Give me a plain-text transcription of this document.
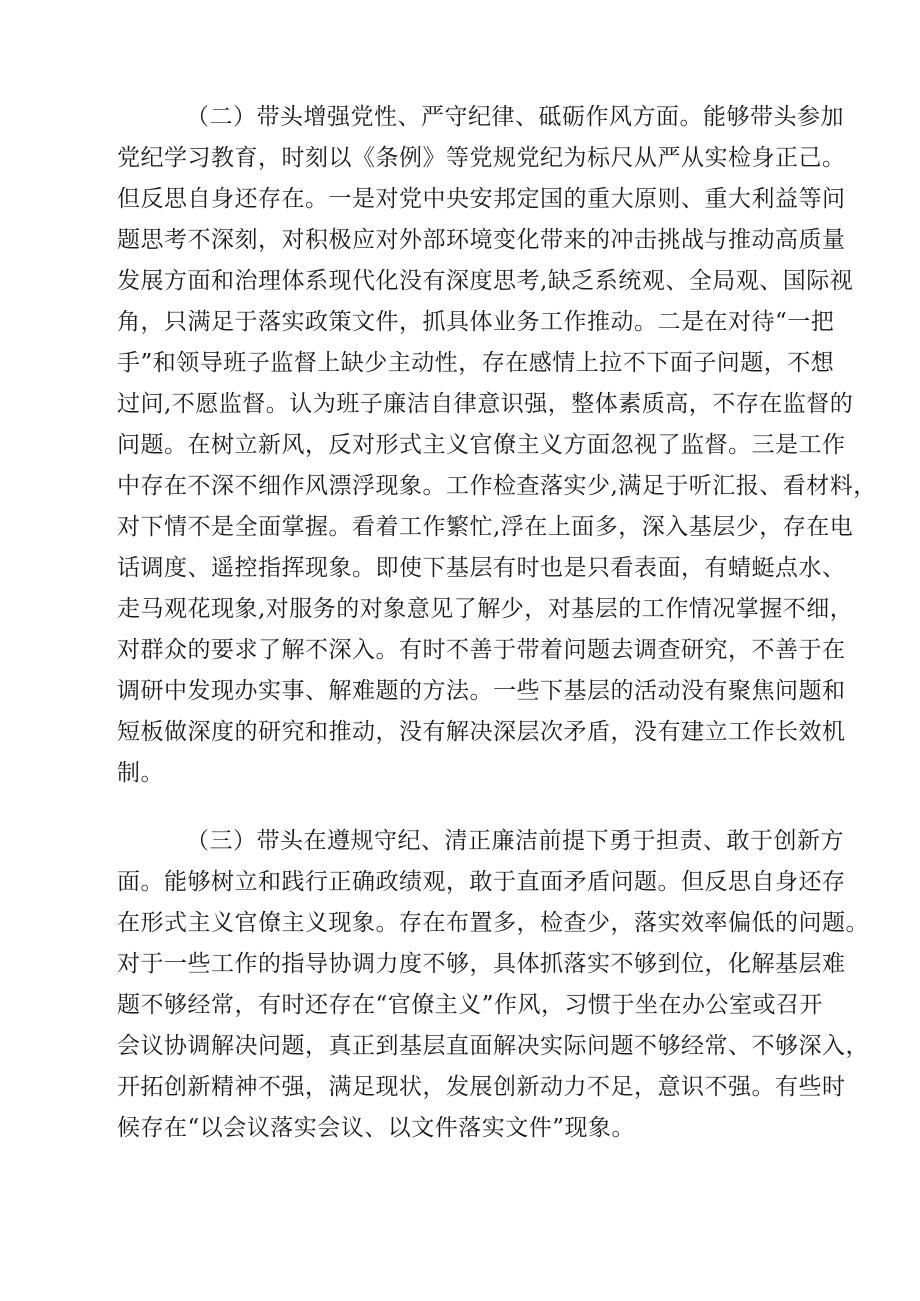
（二）带头增强党性、严守纪律、砥砺作风方面。能够带头参加
党纪学习教育，时刻以《条例》等党规党纪为标尺从严从实检身正己。
但反思自身还存在。一是对党中央安邦定国的重大原则、重大利益等问
题思考不深刻，对积极应对外部环境变化带来的冲击挑战与推动高质量
发展方面和治理体系现代化没有深度思考,缺乏系统观、全局观、国际视
角，只满足于落实政策文件，抓具体业务工作推动。二是在对待“一把
手”和领导班子监督上缺少主动性，存在感情上拉不下面子问题，不想
过问,不愿监督。认为班子廉洁自律意识强，整体素质高，不存在监督的
问题。在树立新风，反对形式主义官僚主义方面忽视了监督。三是工作
中存在不深不细作风漂浮现象。工作检查落实少,满足于听汇报、看材料，
对下情不是全面掌握。看着工作繁忙,浮在上面多，深入基层少，存在电
话调度、遥控指挥现象。即使下基层有时也是只看表面，有蜻蜓点水、
走马观花现象,对服务的对象意见了解少，对基层的工作情况掌握不细，
对群众的要求了解不深入。有时不善于带着问题去调查研究，不善于在
调研中发现办实事、解难题的方法。一些下基层的活动没有聚焦问题和
短板做深度的研究和推动，没有解决深层次矛盾，没有建立工作长效机
制。
（三）带头在遵规守纪、清正廉洁前提下勇于担责、敢于创新方
面。能够树立和践行正确政绩观，敢于直面矛盾问题。但反思自身还存
在形式主义官僚主义现象。存在布置多，检查少，落实效率偏低的问题。
对于一些工作的指导协调力度不够，具体抓落实不够到位，化解基层难
题不够经常，有时还存在“官僚主义”作风，习惯于坐在办公室或召开
会议协调解决问题，真正到基层直面解决实际问题不够经常、不够深入，
开拓创新精神不强，满足现状，发展创新动力不足，意识不强。有些时
候存在“以会议落实会议、以文件落实文件”现象。
